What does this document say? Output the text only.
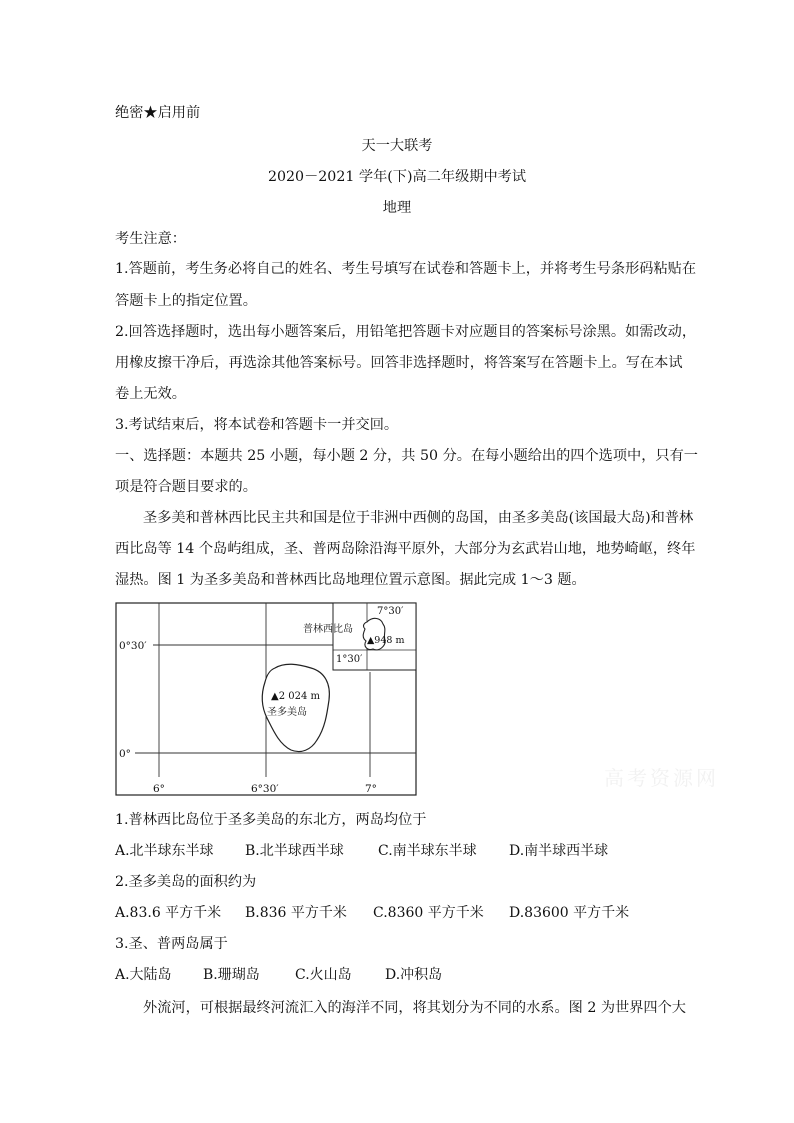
绝密★启用前
天一大联考
2020－2021 学年(下)高二年级期中考试
地理
考生注意：
1.答题前，考生务必将自己的姓名、考生号填写在试卷和答题卡上，并将考生号条形码粘贴在
答题卡上的指定位置。
2.回答选择题时，选出每小题答案后，用铅笔把答题卡对应题目的答案标号涂黑。如需改动，
用橡皮擦干净后，再选涂其他答案标号。回答非选择题时，将答案写在答题卡上。写在本试
卷上无效。
3.考试结束后，将本试卷和答题卡一并交回。
一、选择题：本题共 25 小题，每小题 2 分，共 50 分。在每小题给出的四个选项中，只有一
项是符合题目要求的。
圣多美和普林西比民主共和国是位于非洲中西侧的岛国，由圣多美岛(该国最大岛)和普林
西比岛等 14 个岛屿组成，圣、普两岛除沿海平原外，大部分为玄武岩山地，地势崎岖，终年
湿热。图 1 为圣多美岛和普林西比岛地理位置示意图。据此完成 1～3 题。
0°30′
0°
6°	6°30′	7°
7°30′
1°30′
普林西比岛
▲948 m
▲2 024 m
圣多美岛
高考资源网
1.普林西比岛位于圣多美岛的东北方，两岛均位于
A.北半球东半球 B.北半球西半球 C.南半球东半球 D.南半球西半球
2.圣多美岛的面积约为
A.83.6 平方千米 B.836 平方千米 C.8360 平方千米 D.83600 平方千米
3.圣、普两岛属于
A.大陆岛 B.珊瑚岛	C.火山岛 D.冲积岛
外流河，可根据最终河流汇入的海洋不同，将其划分为不同的水系。图 2 为世界四个大
